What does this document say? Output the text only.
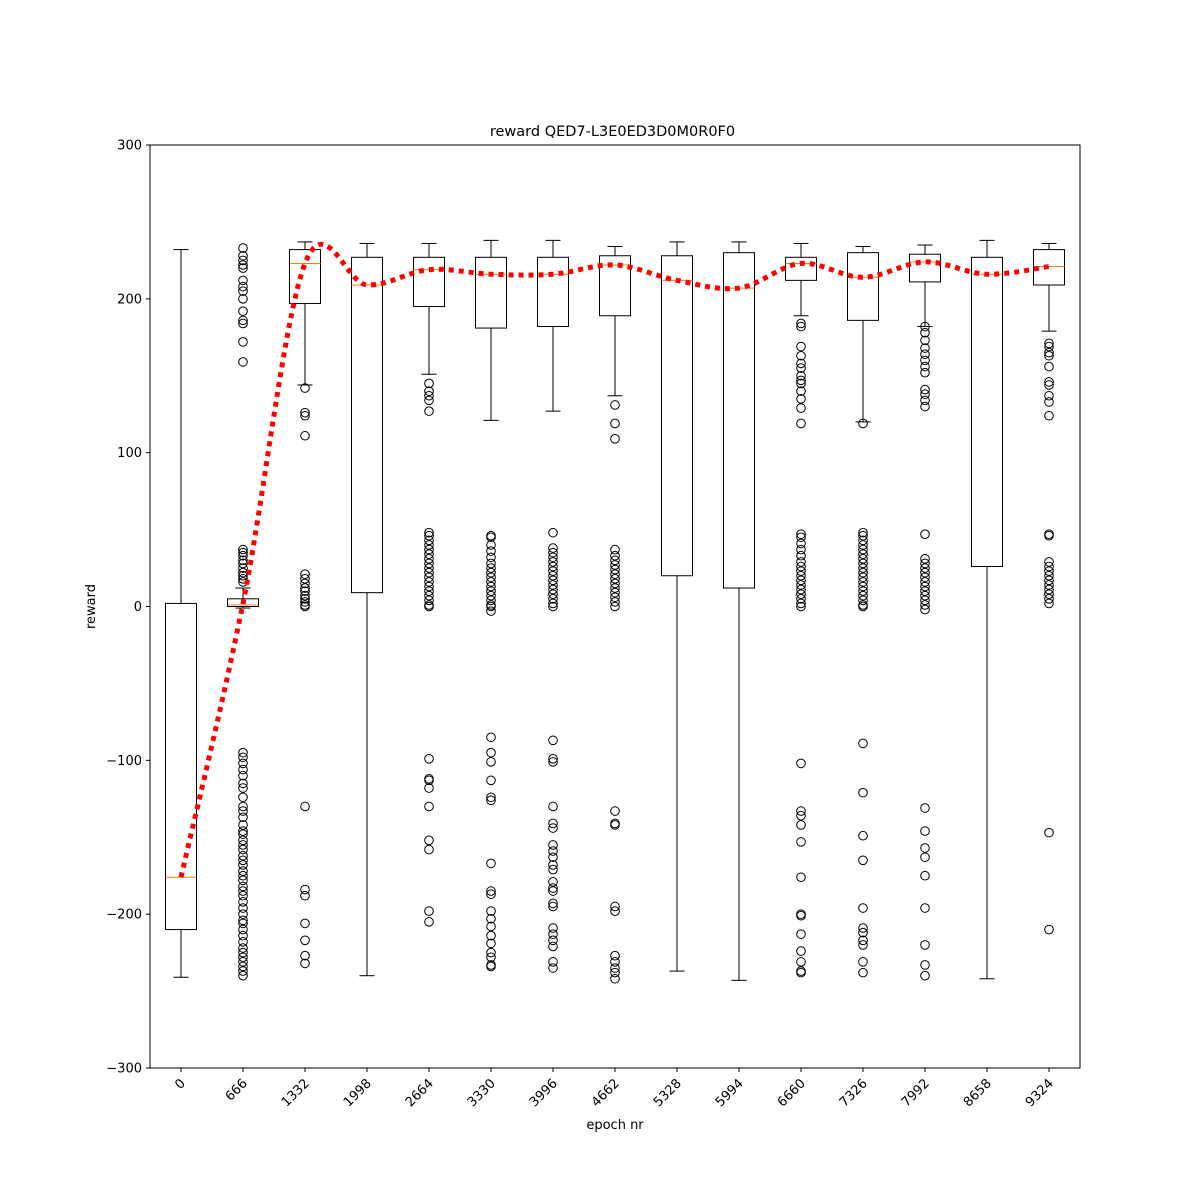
reward QED7-L3E0ED3D0M0R0F0
−300
−200
−100
0
100
200
300
0	666 1332 1998 2664 3330 3996 4662 5328 5994 6660 7326 7992 8658 9324
reward
epoch nr
